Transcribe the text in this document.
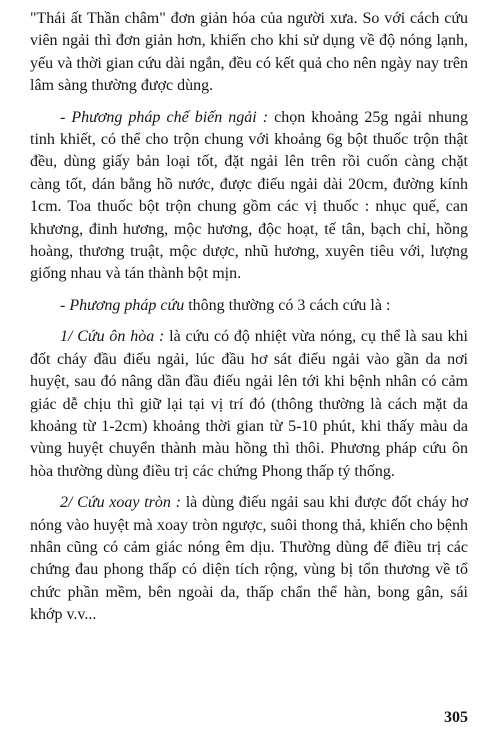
"Thái ất Thần châm" đơn giản hóa của người xưa. So với cách cứu viên ngải thì đơn giản hơn, khiến cho khi sử dụng về độ nóng lạnh, yếu và thời gian cứu dài ngắn, đều có kết quả cho nên ngày nay trên lâm sàng thường được dùng.

- Phương pháp chế biến ngải : chọn khoảng 25g ngải nhung tinh khiết, có thể cho trộn chung với khoảng 6g bột thuốc trộn thật đều, dùng giấy bản loại tốt, đặt ngải lên trên rồi cuốn càng chặt càng tốt, dán bằng hồ nước, được điếu ngải dài 20cm, đường kính 1cm. Toa thuốc bột trộn chung gồm các vị thuốc : nhục quế, can khương, đinh hương, mộc hương, độc hoạt, tế tân, bạch chỉ, hồng hoàng, thương truật, mộc dược, nhũ hương, xuyên tiêu với, lượng giống nhau và tán thành bột mịn.

- Phương pháp cứu thông thường có 3 cách cứu là :

1/ Cứu ôn hòa : là cứu có độ nhiệt vừa nóng, cụ thể là sau khi đốt cháy đầu điếu ngải, lúc đầu hơ sát điếu ngải vào gần da nơi huyệt, sau đó nâng dần đầu điếu ngải lên tới khi bệnh nhân có cảm giác dễ chịu thì giữ lại tại vị trí đó (thông thường là cách mặt da khoảng từ 1-2cm) khoảng thời gian từ 5-10 phút, khi thấy màu da vùng huyệt chuyển thành màu hồng thì thôi. Phương pháp cứu ôn hòa thường dùng điều trị các chứng Phong thấp tý thống.

2/ Cứu xoay tròn : là dùng điếu ngải sau khi được đốt cháy hơ nóng vào huyệt mà xoay tròn ngược, suôi thong thả, khiến cho bệnh nhân cũng có cảm giác nóng êm dịu. Thường dùng để điều trị các chứng đau phong thấp có diện tích rộng, vùng bị tổn thương về tổ chức phần mềm, bên ngoài da, thấp chẩn thể hàn, bong gân, sái khớp v.v...

305
